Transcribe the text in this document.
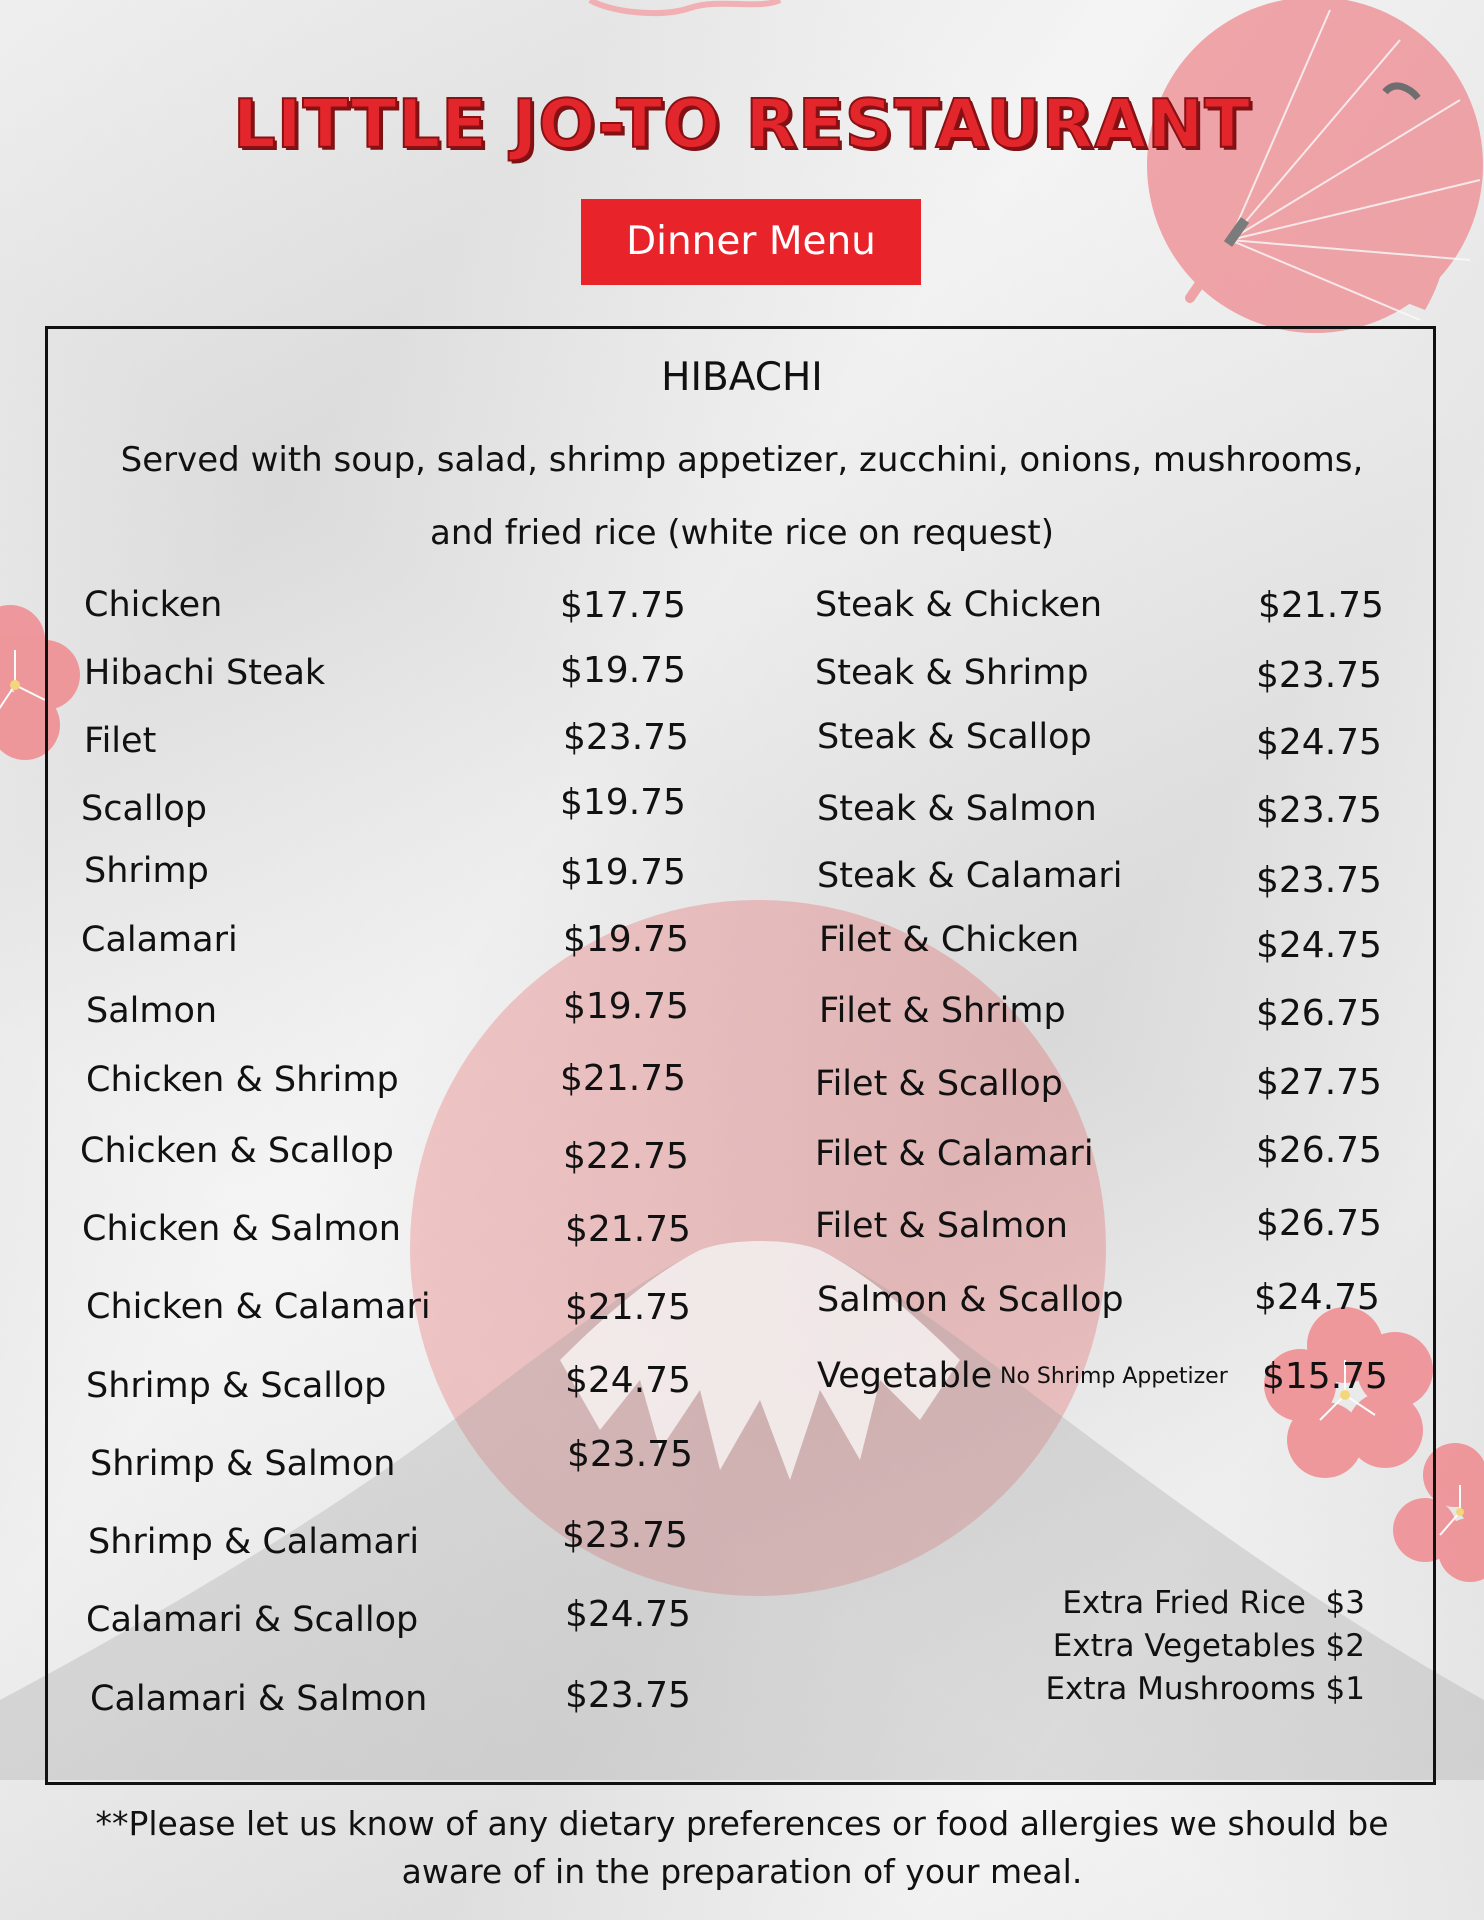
LITTLE JO-TO RESTAURANT
Dinner Menu
HIBACHI
Served with soup, salad, shrimp appetizer, zucchini, onions, mushrooms,
and fried rice (white rice on request)
Chicken	$17.75
Hibachi Steak	$19.75
Filet	$23.75
Scallop	$19.75
Shrimp	$19.75
Calamari	$19.75
Salmon	$19.75
Chicken & Shrimp	$21.75
Chicken & Scallop	$22.75
Chicken & Salmon	$21.75
Chicken & Calamari	$21.75
Shrimp & Scallop	$24.75
Shrimp & Salmon	$23.75
Shrimp & Calamari	$23.75
Calamari & Scallop	$24.75
Calamari & Salmon	$23.75
Steak & Chicken	$21.75
Steak & Shrimp	$23.75
Steak & Scallop	$24.75
Steak & Salmon	$23.75
Steak & Calamari	$23.75
Filet & Chicken	$24.75
Filet & Shrimp	$26.75
Filet & Scallop	$27.75
Filet & Calamari	$26.75
Filet & Salmon	$26.75
Salmon & Scallop	$24.75
Vegetable No Shrimp Appetizer $15.75
Extra Fried Rice $3
Extra Vegetables $2
Extra Mushrooms $1
**Please let us know of any dietary preferences or food allergies we should be
aware of in the preparation of your meal.
